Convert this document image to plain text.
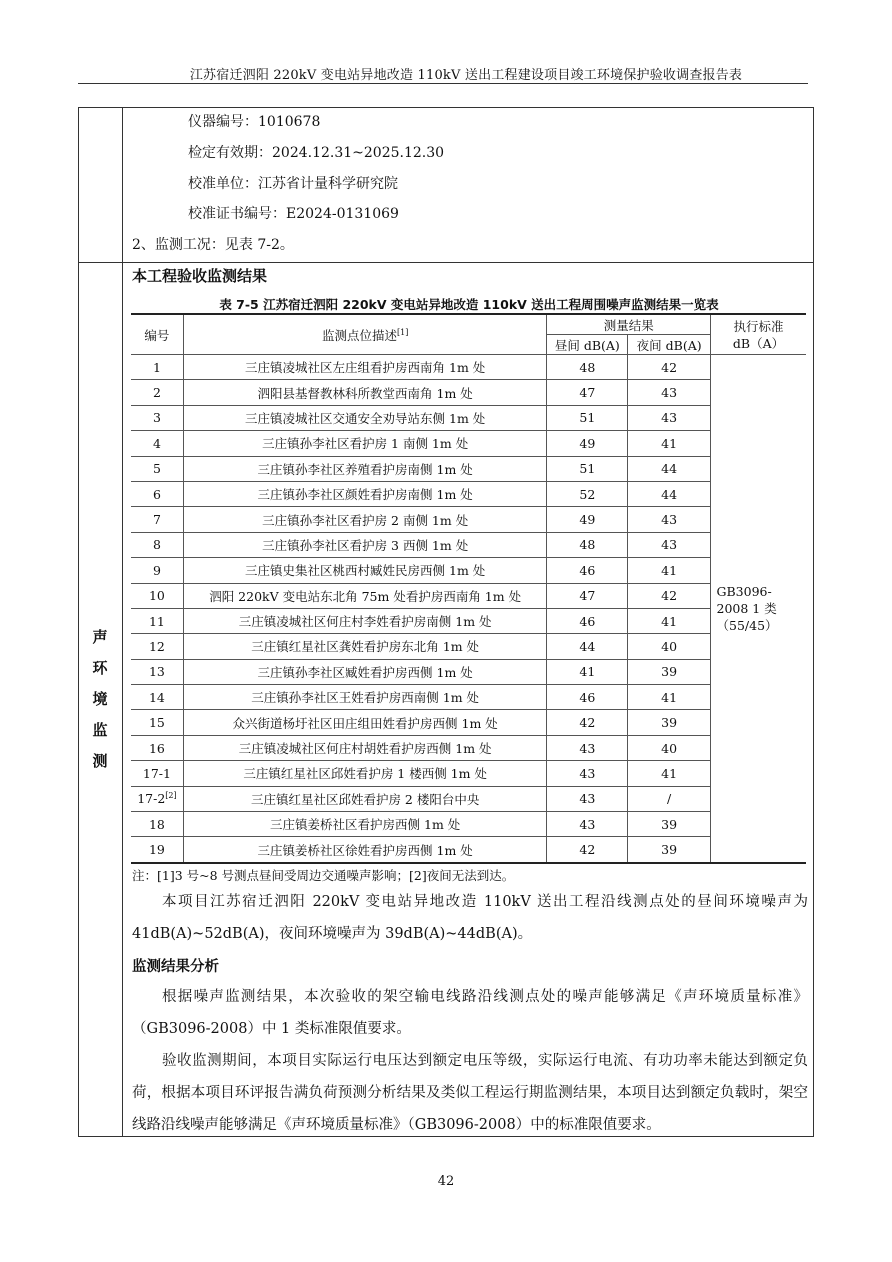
江苏宿迁泗阳 220kV 变电站异地改造 110kV 送出工程建设项目竣工环境保护验收调查报告表
仪器编号：1010678
检定有效期：2024.12.31~2025.12.30
校准单位：江苏省计量科学研究院
校准证书编号：E2024-0131069
2、监测工况：见表 7-2。
声
环
境
监
测
本工程验收监测结果
表 7-5 江苏宿迁泗阳 220kV 变电站异地改造 110kV 送出工程周围噪声监测结果一览表
编号	监测点位描述[1]	测量结果		执行标准 dB（A）
		昼间 dB(A)	夜间 dB(A)	
1	三庄镇凌城社区左庄组看护房西南角 1m 处	48	42	GB3096-2008 1 类（55/45）
2	泗阳县基督教林科所教堂西南角 1m 处	47	43	
3	三庄镇凌城社区交通安全劝导站东侧 1m 处	51	43	
4	三庄镇孙李社区看护房 1 南侧 1m 处	49	41	
5	三庄镇孙李社区养殖看护房南侧 1m 处	51	44	
6	三庄镇孙李社区颜姓看护房南侧 1m 处	52	44	
7	三庄镇孙李社区看护房 2 南侧 1m 处	49	43	
8	三庄镇孙李社区看护房 3 西侧 1m 处	48	43	
9	三庄镇史集社区桃西村臧姓民房西侧 1m 处	46	41	
10	泗阳 220kV 变电站东北角 75m 处看护房西南角 1m 处	47	42	
11	三庄镇凌城社区何庄村李姓看护房南侧 1m 处	46	41	
12	三庄镇红星社区龚姓看护房东北角 1m 处	44	40	
13	三庄镇孙李社区臧姓看护房西侧 1m 处	41	39	
14	三庄镇孙李社区王姓看护房西南侧 1m 处	46	41	
15	众兴街道杨圩社区田庄组田姓看护房西侧 1m 处	42	39	
16	三庄镇凌城社区何庄村胡姓看护房西侧 1m 处	43	40	
17-1	三庄镇红星社区邱姓看护房 1 楼西侧 1m 处	43	41	
17-2[2]	三庄镇红星社区邱姓看护房 2 楼阳台中央	43	/	
18	三庄镇姜桥社区看护房西侧 1m 处	43	39	
19	三庄镇姜桥社区徐姓看护房西侧 1m 处	42	39	
注：[1]3 号~8 号测点昼间受周边交通噪声影响；[2]夜间无法到达。
本项目江苏宿迁泗阳 220kV 变电站异地改造 110kV 送出工程沿线测点处的昼间环境噪声为 41dB(A)~52dB(A)，夜间环境噪声为 39dB(A)~44dB(A)。
监测结果分析
根据噪声监测结果，本次验收的架空输电线路沿线测点处的噪声能够满足《声环境质量标准》（GB3096-2008）中 1 类标准限值要求。
验收监测期间，本项目实际运行电压达到额定电压等级，实际运行电流、有功功率未能达到额定负荷，根据本项目环评报告满负荷预测分析结果及类似工程运行期监测结果，本项目达到额定负载时，架空线路沿线噪声能够满足《声环境质量标准》（GB3096-2008）中的标准限值要求。
42
